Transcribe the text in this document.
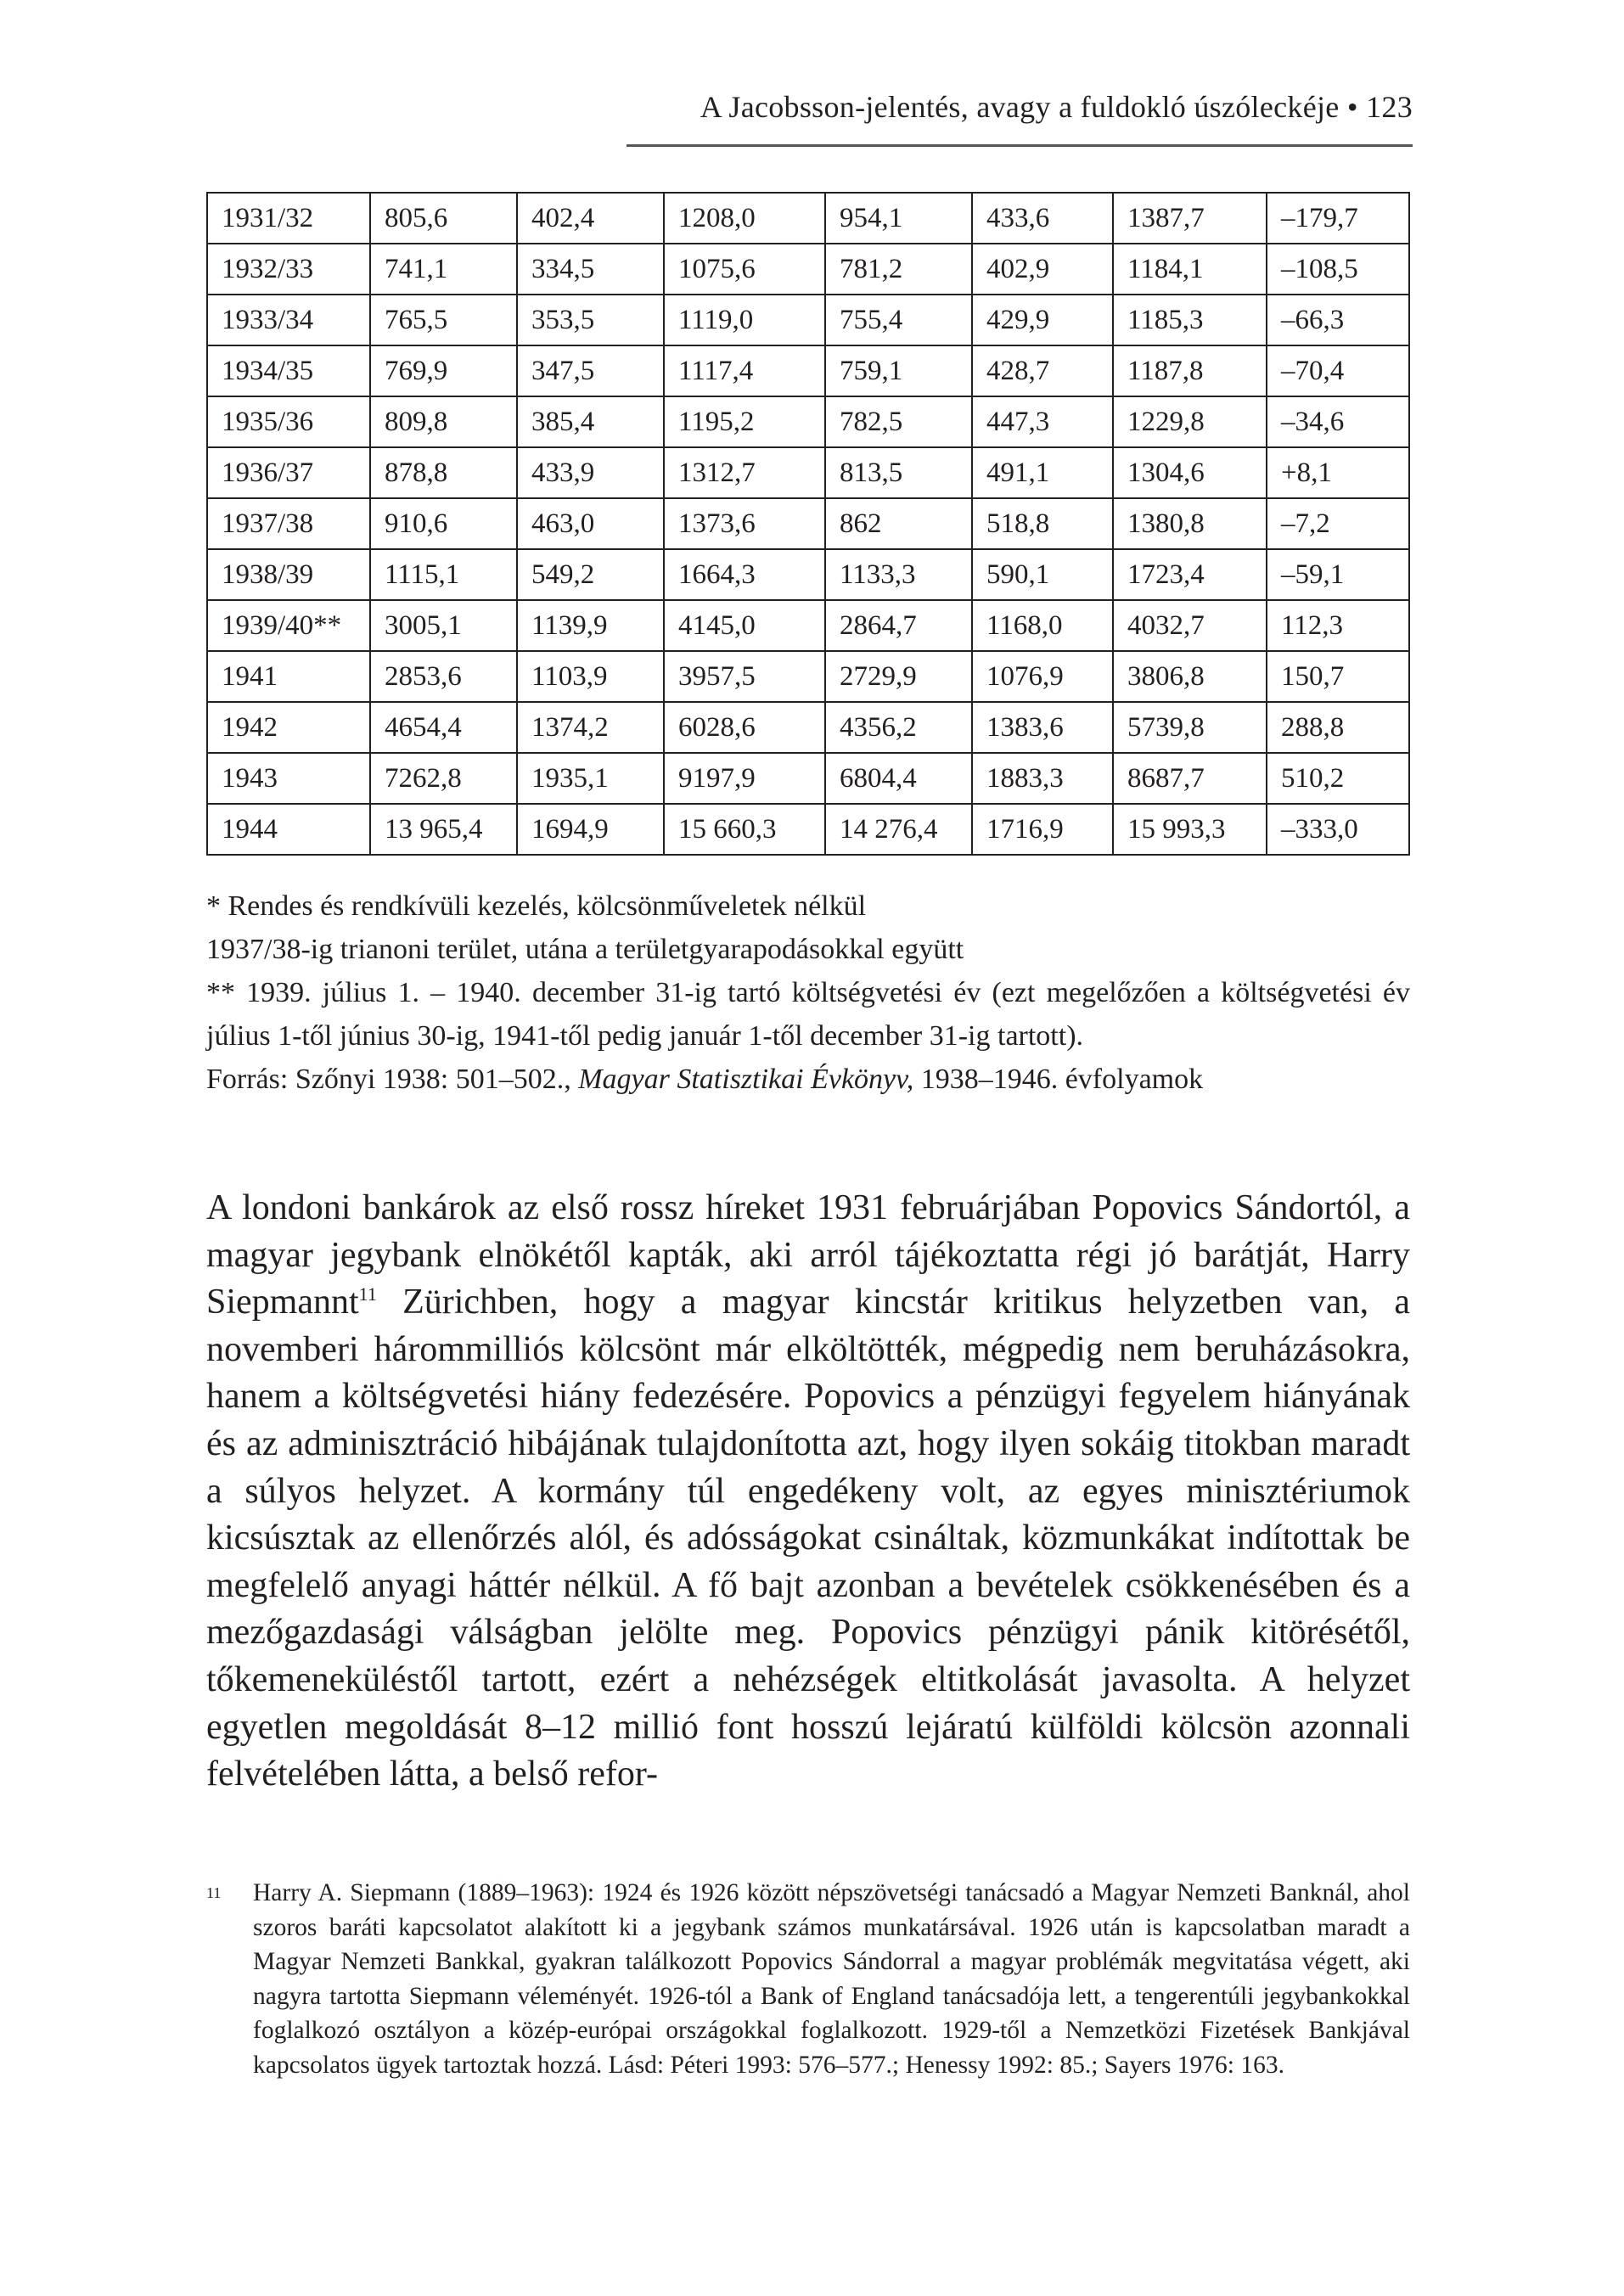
A Jacobsson-jelentés, avagy a fuldokló úszóleckéje • 123
1931/32	805,6	402,4	1208,0	954,1	433,6	1387,7	–179,7
1932/33	741,1	334,5	1075,6	781,2	402,9	1184,1	–108,5
1933/34	765,5	353,5	1119,0	755,4	429,9	1185,3	–66,3
1934/35	769,9	347,5	1117,4	759,1	428,7	1187,8	–70,4
1935/36	809,8	385,4	1195,2	782,5	447,3	1229,8	–34,6
1936/37	878,8	433,9	1312,7	813,5	491,1	1304,6	+8,1
1937/38	910,6	463,0	1373,6	862	518,8	1380,8	–7,2
1938/39	1115,1	549,2	1664,3	1133,3	590,1	1723,4	–59,1
1939/40**	3005,1	1139,9	4145,0	2864,7	1168,0	4032,7	112,3
1941	2853,6	1103,9	3957,5	2729,9	1076,9	3806,8	150,7
1942	4654,4	1374,2	6028,6	4356,2	1383,6	5739,8	288,8
1943	7262,8	1935,1	9197,9	6804,4	1883,3	8687,7	510,2
1944	13 965,4	1694,9	15 660,3	14 276,4	1716,9	15 993,3	–333,0

* Rendes és rendkívüli kezelés, kölcsönműveletek nélkül

1937/38-ig trianoni terület, utána a területgyarapodásokkal együtt

** 1939. július 1. – 1940. december 31-ig tartó költségvetési év (ezt megelőzően a költségvetési év július 1-től június 30-ig, 1941-től pedig január 1-től december 31-ig tartott).

Forrás: Szőnyi 1938: 501–502., Magyar Statisztikai Évkönyv, 1938–1946. évfolyamok

A londoni bankárok az első rossz híreket 1931 februárjában Popovics Sándortól, a magyar jegybank elnökétől kapták, aki arról tájékoztatta régi jó barátját, Harry Siepmannt$^{11}$ Zürichben, hogy a magyar kincstár kritikus helyzetben van, a novemberi hárommilliós kölcsönt már elköltötték, mégpedig nem beruházásokra, hanem a költségvetési hiány fedezésére. Popovics a pénzügyi fegyelem hiányának és az adminisztráció hibájának tulajdonította azt, hogy ilyen sokáig titokban maradt a súlyos helyzet. A kormány túl engedékeny volt, az egyes minisztériumok kicsúsztak az ellenőrzés alól, és adósságokat csináltak, közmunkákat indítottak be megfelelő anyagi háttér nélkül. A fő bajt azonban a bevételek csökkenésében és a mezőgazdasági válságban jelölte meg. Popovics pénzügyi pánik kitörésétől, tőkemeneküléstől tartott, ezért a nehézségek eltitkolását javasolta. A helyzet egyetlen megoldását 8–12 millió font hosszú lejáratú külföldi kölcsön azonnali felvételében látta, a belső refor-
11 Harry A. Siepmann (1889–1963): 1924 és 1926 között népszövetségi tanácsadó a Magyar Nemzeti Banknál, ahol szoros baráti kapcsolatot alakított ki a jegybank számos munkatársával. 1926 után is kapcsolatban maradt a Magyar Nemzeti Bankkal, gyakran találkozott Popovics Sándorral a magyar problémák megvitatása végett, aki nagyra tartotta Siepmann véleményét. 1926-tól a Bank of England tanácsadója lett, a tengerentúli jegybankokkal foglalkozó osztályon a közép-európai országokkal foglalkozott. 1929-től a Nemzetközi Fizetések Bankjával kapcsolatos ügyek tartoztak hozzá. Lásd: Péteri 1993: 576–577.; Henessy 1992: 85.; Sayers 1976: 163.
